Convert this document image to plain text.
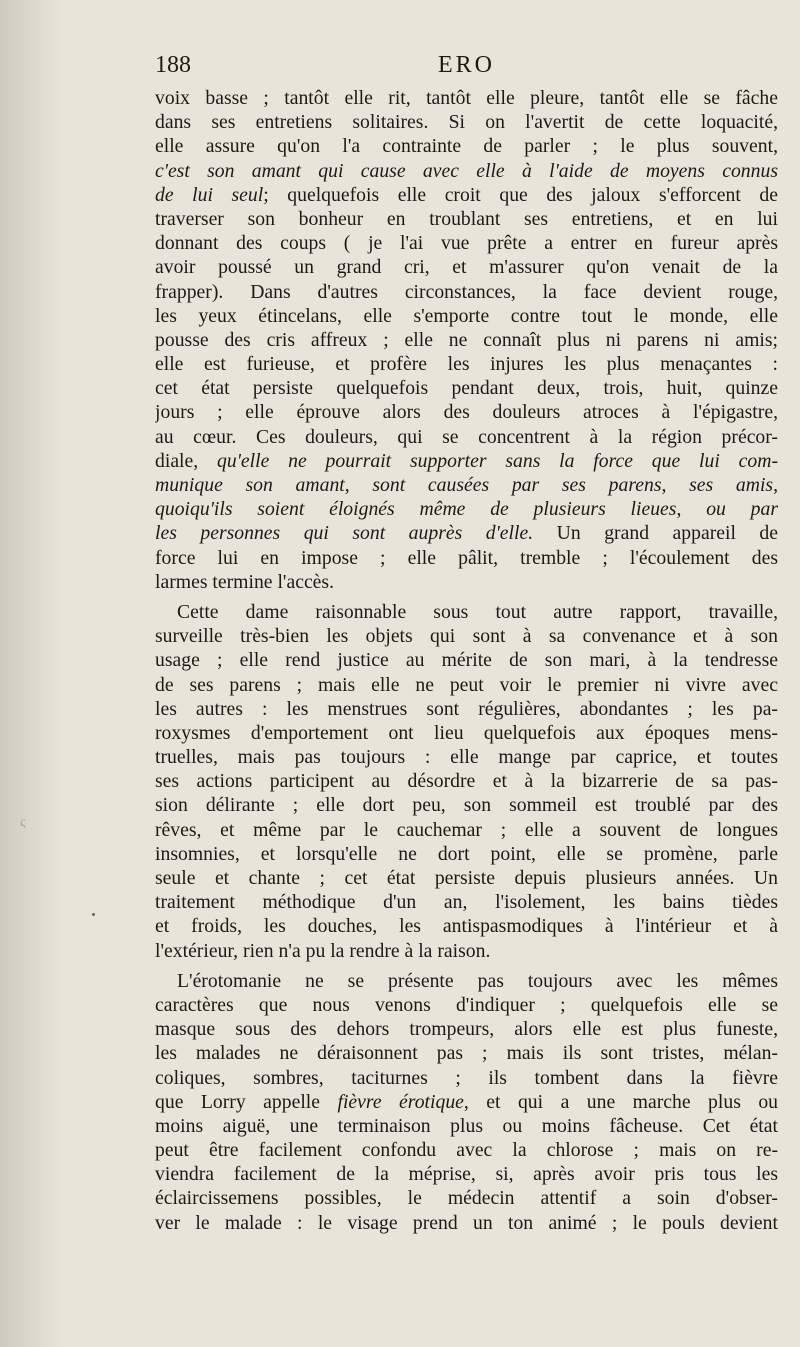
ς
188	ERO
voix basse ; tantôt elle rit, tantôt elle pleure, tantôt elle se fâche
dans ses entretiens solitaires. Si on l'avertit de cette loquacité,
elle assure qu'on l'a contrainte de parler ; le plus souvent,
c'est son amant qui cause avec elle à l'aide de moyens connus
de lui seul; quelquefois elle croit que des jaloux s'efforcent de
traverser son bonheur en troublant ses entretiens, et en lui
donnant des coups ( je l'ai vue prête a entrer en fureur après
avoir poussé un grand cri, et m'assurer qu'on venait de la
frapper). Dans d'autres circonstances, la face devient rouge,
les yeux étincelans, elle s'emporte contre tout le monde, elle
pousse des cris affreux ; elle ne connaît plus ni parens ni amis;
elle est furieuse, et profère les injures les plus menaçantes :
cet état persiste quelquefois pendant deux, trois, huit, quinze
jours ; elle éprouve alors des douleurs atroces à l'épigastre,
au cœur. Ces douleurs, qui se concentrent à la région précor-
diale, qu'elle ne pourrait supporter sans la force que lui com-
munique son amant, sont causées par ses parens, ses amis,
quoiqu'ils soient éloignés même de plusieurs lieues, ou par
les personnes qui sont auprès d'elle. Un grand appareil de
force lui en impose ; elle pâlit, tremble ; l'écoulement des
larmes termine l'accès.
Cette dame raisonnable sous tout autre rapport, travaille,
surveille très-bien les objets qui sont à sa convenance et à son
usage ; elle rend justice au mérite de son mari, à la tendresse
de ses parens ; mais elle ne peut voir le premier ni vivre avec
les autres : les menstrues sont régulières, abondantes ; les pa-
roxysmes d'emportement ont lieu quelquefois aux époques mens-
truelles, mais pas toujours : elle mange par caprice, et toutes
ses actions participent au désordre et à la bizarrerie de sa pas-
sion délirante ; elle dort peu, son sommeil est troublé par des
rêves, et même par le cauchemar ; elle a souvent de longues
insomnies, et lorsqu'elle ne dort point, elle se promène, parle
seule et chante ; cet état persiste depuis plusieurs années. Un
traitement méthodique d'un an, l'isolement, les bains tièdes
et froids, les douches, les antispasmodiques à l'intérieur et à
l'extérieur, rien n'a pu la rendre à la raison.
L'érotomanie ne se présente pas toujours avec les mêmes
caractères que nous venons d'indiquer ; quelquefois elle se
masque sous des dehors trompeurs, alors elle est plus funeste,
les malades ne déraisonnent pas ; mais ils sont tristes, mélan-
coliques, sombres, taciturnes ; ils tombent dans la fièvre
que Lorry appelle fièvre érotique, et qui a une marche plus ou
moins aiguë, une terminaison plus ou moins fâcheuse. Cet état
peut être facilement confondu avec la chlorose ; mais on re-
viendra facilement de la méprise, si, après avoir pris tous les
éclaircissemens possibles, le médecin attentif a soin d'obser-
ver le malade : le visage prend un ton animé ; le pouls devient
